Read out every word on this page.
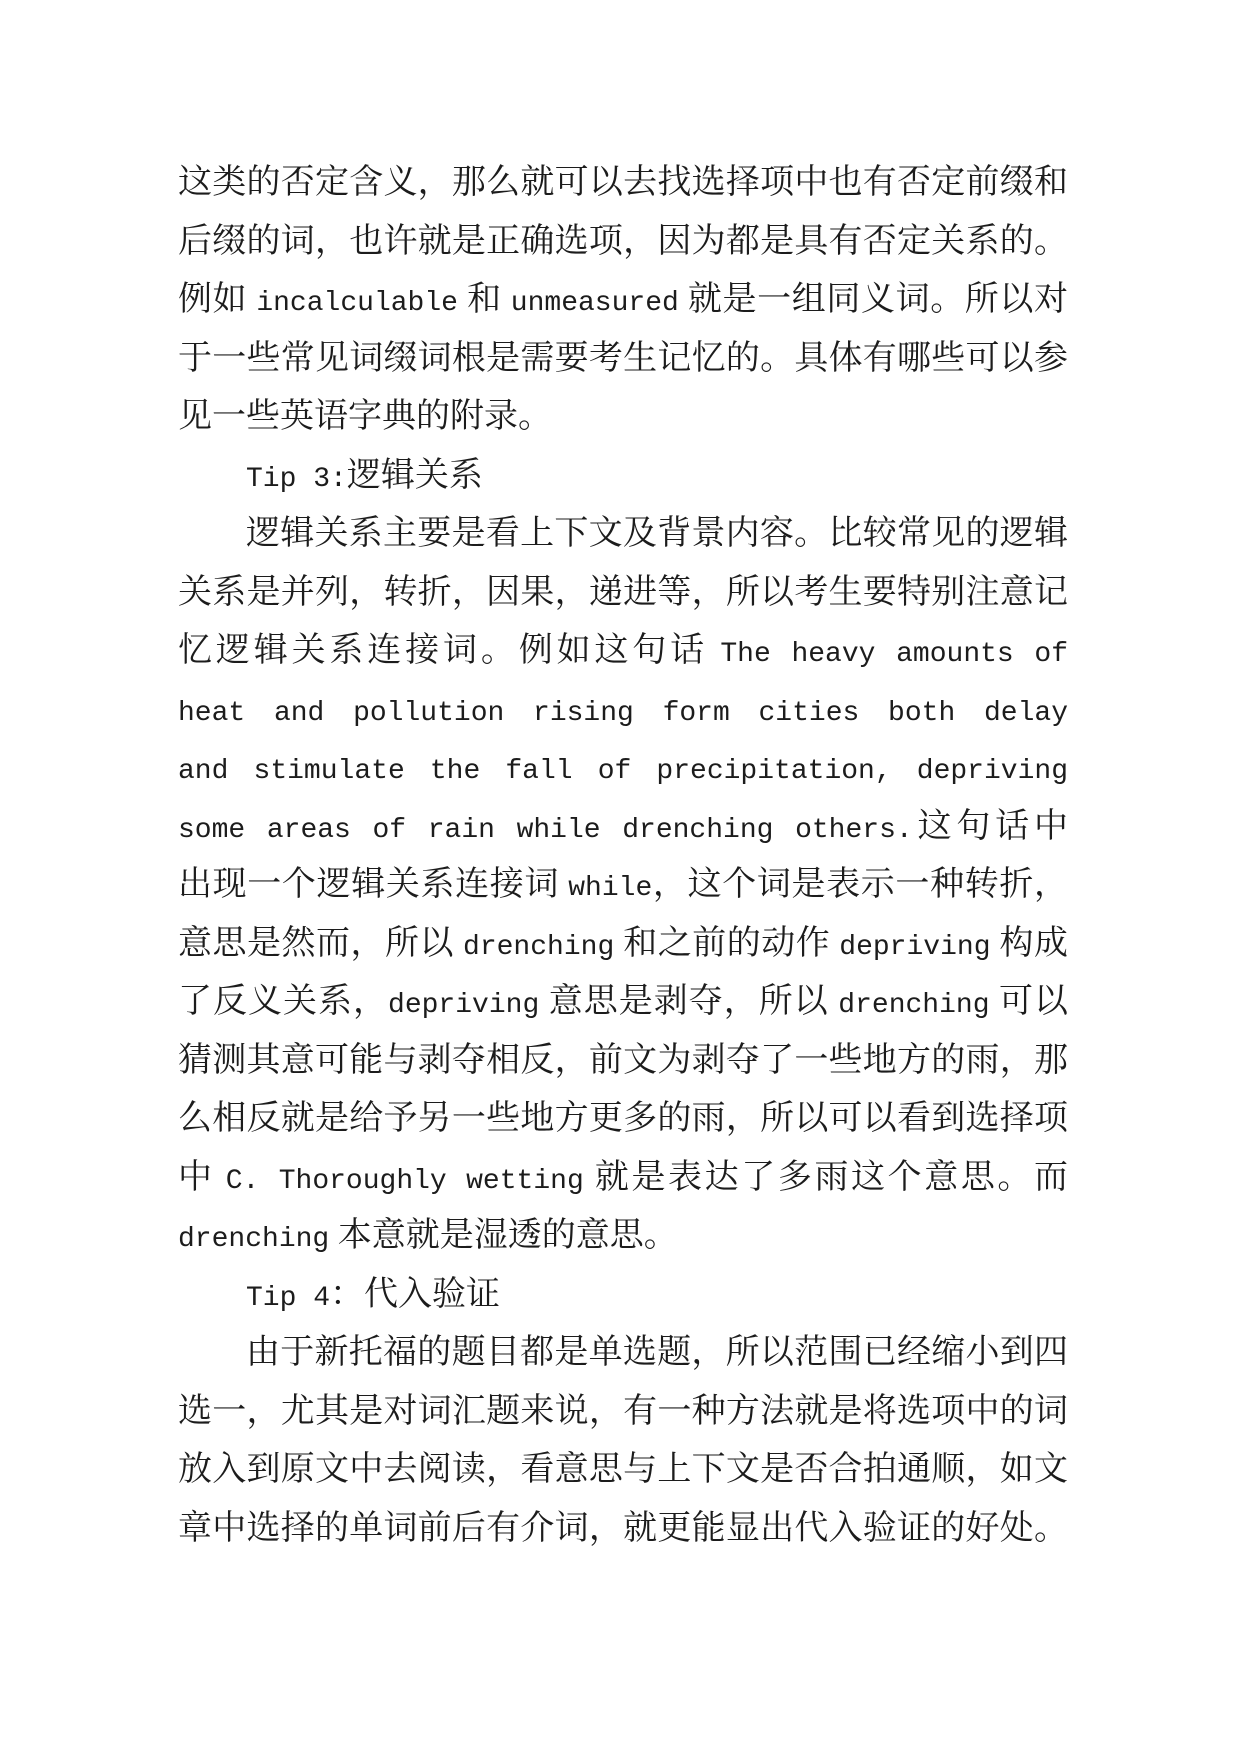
这类的否定含义，那么就可以去找选择项中也有否定前缀和
后缀的词，也许就是正确选项，因为都是具有否定关系的。
例如 incalculable 和 unmeasured 就是一组同义词。所以对
于一些常见词缀词根是需要考生记忆的。具体有哪些可以参
见一些英语字典的附录。
Tip 3:逻辑关系
逻辑关系主要是看上下文及背景内容。比较常见的逻辑
关系是并列，转折，因果，递进等，所以考生要特别注意记
忆逻辑关系连接词。例如这句话 The heavy amounts of
heat and pollution rising form cities both delay
and stimulate the fall of precipitation, depriving
some areas of rain while drenching others.这句话中
出现一个逻辑关系连接词 while，这个词是表示一种转折，
意思是然而，所以 drenching 和之前的动作 depriving 构成
了反义关系，depriving 意思是剥夺，所以 drenching 可以
猜测其意可能与剥夺相反，前文为剥夺了一些地方的雨，那
么相反就是给予另一些地方更多的雨，所以可以看到选择项
中 C. Thoroughly wetting 就是表达了多雨这个意思。而
drenching 本意就是湿透的意思。
Tip 4：代入验证
由于新托福的题目都是单选题，所以范围已经缩小到四
选一，尤其是对词汇题来说，有一种方法就是将选项中的词
放入到原文中去阅读，看意思与上下文是否合拍通顺，如文
章中选择的单词前后有介词，就更能显出代入验证的好处。
